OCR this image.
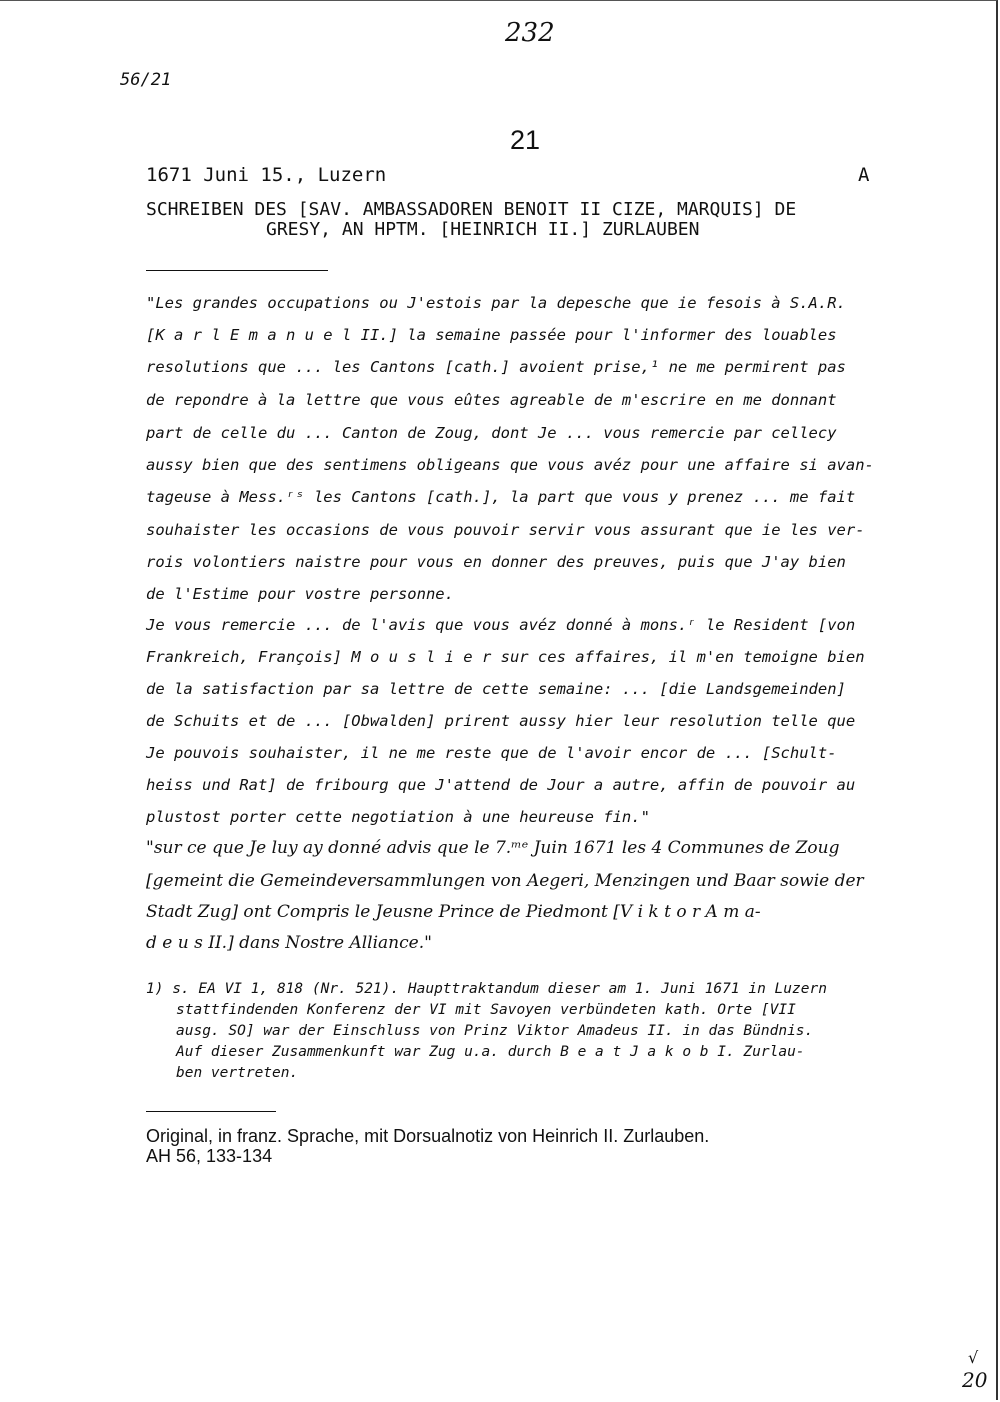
232
56/21
21
1671 Juni 15., Luzern	A
SCHREIBEN DES [SAV. AMBASSADOREN BENOIT II CIZE, MARQUIS] DE
GRESY, AN HPTM. [HEINRICH II.] ZURLAUBEN
"Les grandes occupations ou J'estois par la depesche que ie fesois à S.A.R.
[K a r l E m a n u e l II.] la semaine passée pour l'informer des louables
resolutions que ... les Cantons [cath.] avoient prise,¹ ne me permirent pas
de repondre à la lettre que vous eûtes agreable de m'escrire en me donnant
part de celle du ... Canton de Zoug, dont Je ... vous remercie par cellecy
aussy bien que des sentimens obligeans que vous avéz pour une affaire si avan-
tageuse à Mess.ʳˢ les Cantons [cath.], la part que vous y prenez ... me fait
souhaister les occasions de vous pouvoir servir vous assurant que ie les ver-
rois volontiers naistre pour vous en donner des preuves, puis que J'ay bien
de l'Estime pour vostre personne.
Je vous remercie ... de l'avis que vous avéz donné à mons.ʳ le Resident [von
Frankreich, François] M o u s l i e r sur ces affaires, il m'en temoigne bien
de la satisfaction par sa lettre de cette semaine: ... [die Landsgemeinden]
de Schuits et de ... [Obwalden] prirent aussy hier leur resolution telle que
Je pouvois souhaister, il ne me reste que de l'avoir encor de ... [Schult-
heiss und Rat] de fribourg que J'attend de Jour a autre, affin de pouvoir au
plustost porter cette negotiation à une heureuse fin."
"sur ce que Je luy ay donné advis que le 7.ᵐᵉ Juin 1671 les 4 Communes de Zoug
[gemeint die Gemeindeversammlungen von Aegeri, Menzingen und Baar sowie der
Stadt Zug] ont Compris le Jeusne Prince de Piedmont [V i k t o r A m a-
d e u s II.] dans Nostre Alliance."
1) s. EA VI 1, 818 (Nr. 521). Haupttraktandum dieser am 1. Juni 1671 in Luzern
stattfindenden Konferenz der VI mit Savoyen verbündeten kath. Orte [VII
ausg. SO] war der Einschluss von Prinz Viktor Amadeus II. in das Bündnis.
Auf dieser Zusammenkunft war Zug u.a. durch B e a t J a k o b I. Zurlau-
ben vertreten.
Original, in franz. Sprache, mit Dorsualnotiz von Heinrich II. Zurlauben.
AH 56, 133-134
√
20
